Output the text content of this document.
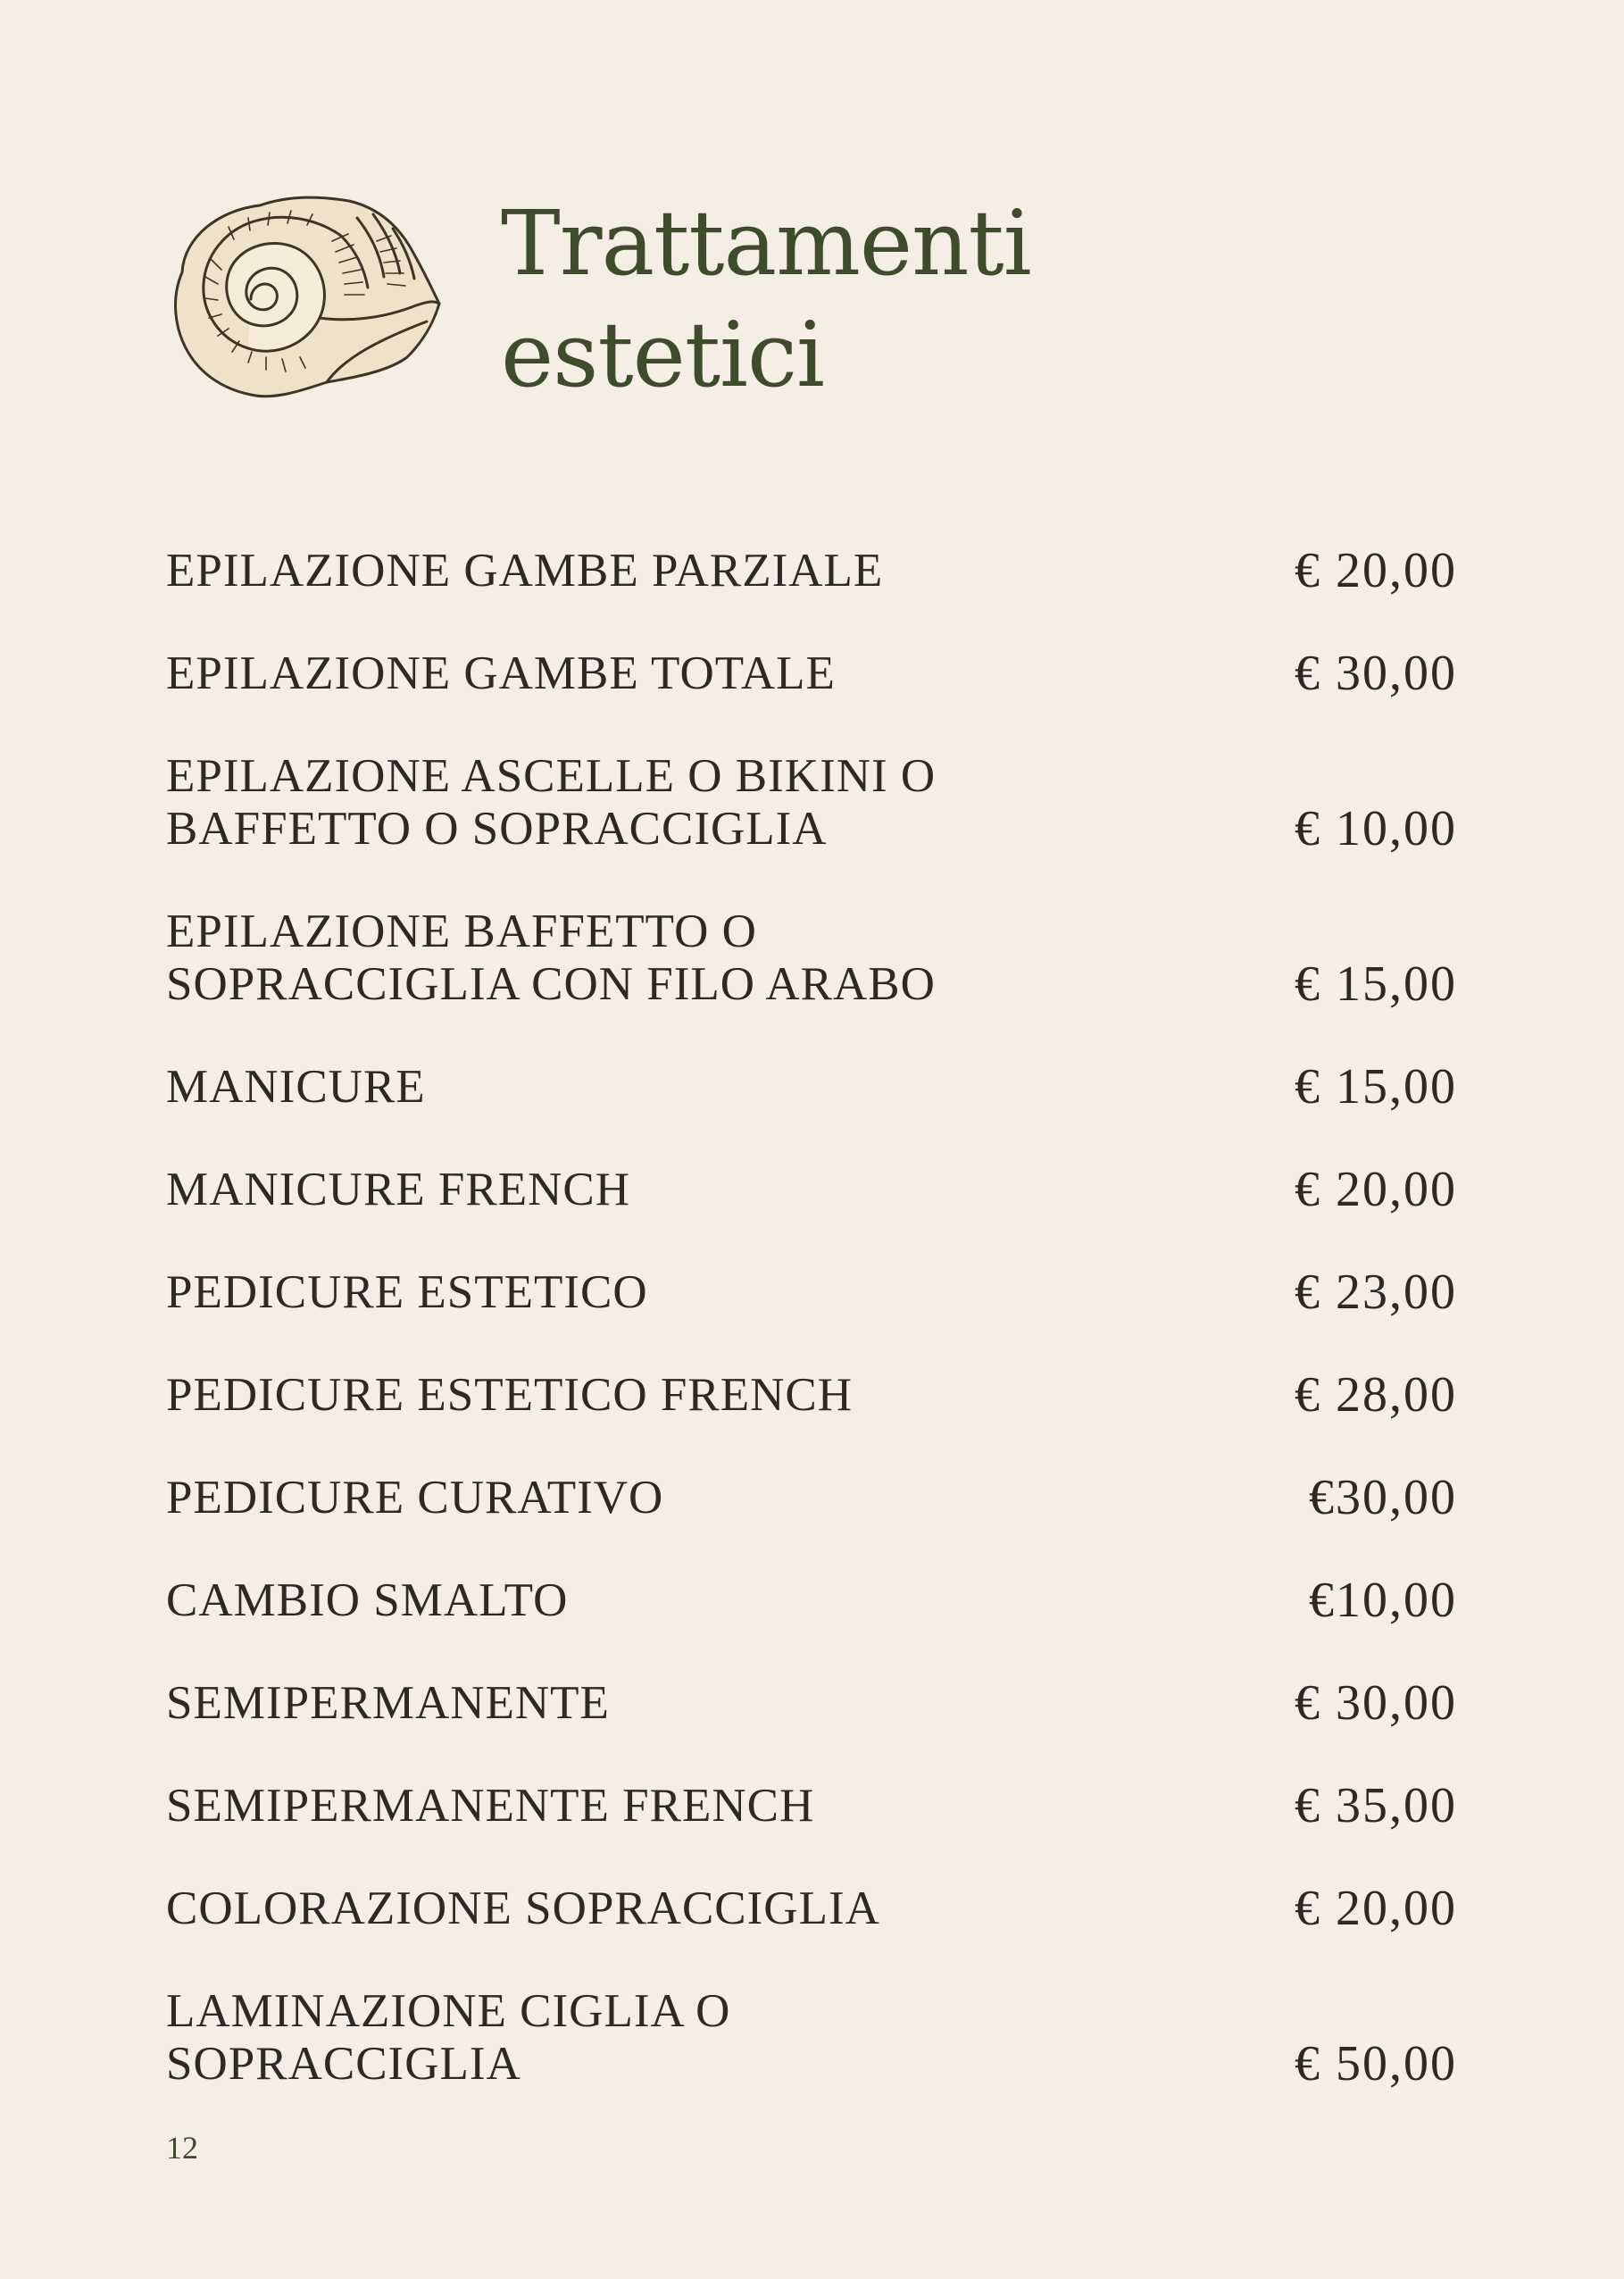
Trattamenti
estetici
EPILAZIONE GAMBE PARZIALE	€ 20,00
EPILAZIONE GAMBE TOTALE	€ 30,00
EPILAZIONE ASCELLE O BIKINI O
BAFFETTO O SOPRACCIGLIA	€ 10,00
EPILAZIONE BAFFETTO O
SOPRACCIGLIA CON FILO ARABO	€ 15,00
MANICURE	€ 15,00
MANICURE FRENCH	€ 20,00
PEDICURE ESTETICO	€ 23,00
PEDICURE ESTETICO FRENCH	€ 28,00
PEDICURE CURATIVO	€30,00
CAMBIO SMALTO	€10,00
SEMIPERMANENTE	€ 30,00
SEMIPERMANENTE FRENCH	€ 35,00
COLORAZIONE SOPRACCIGLIA	€ 20,00
LAMINAZIONE CIGLIA O
SOPRACCIGLIA	€ 50,00
12
